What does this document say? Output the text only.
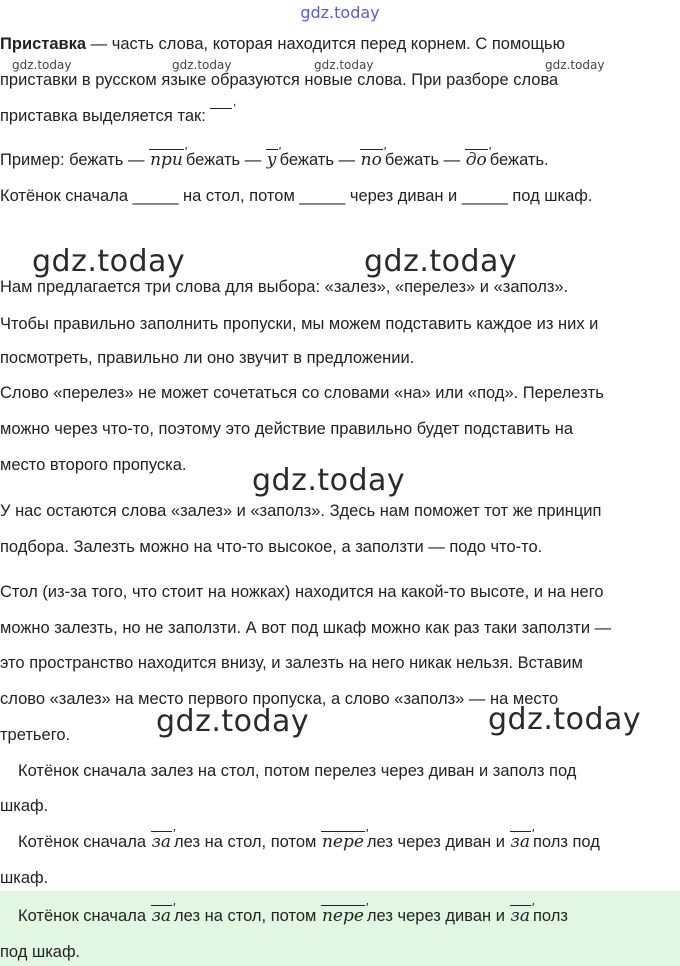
gdz.today
Приставка — часть слова, которая находится перед корнем. С помощью
gdz.today	gdz.today	gdz.today	gdz.today
приставки в русском языке образуются новые слова. При разборе слова
приставка выделяется так:ʹ
Пример: бежать — при ʹ бежать — у ʹ бежать — по ʹ бежать — до ʹ бежать.
Котёнок сначала _____ на стол, потом _____ через диван и _____ под шкаф.
gdz.today	gdz.today
Нам предлагается три слова для выбора: «залез», «перелез» и «заполз».
Чтобы правильно заполнить пропуски, мы можем подставить каждое из них и
посмотреть, правильно ли оно звучит в предложении.
Слово «перелез» не может сочетаться со словами «на» или «под». Перелезть
можно через что-то, поэтому это действие правильно будет подставить на
место второго пропуска. gdz.today
У нас остаются слова «залез» и «заполз». Здесь нам поможет тот же принцип
подбора. Залезть можно на что-то высокое, а заползти — подо что-то.
Стол (из-за того, что стоит на ножках) находится на какой-то высоте, и на него
можно залезть, но не заползти. А вот под шкаф можно как раз таки заползти —
это пространство находится внизу, и залезть на него никак нельзя. Вставим
слово «залез» на место первого пропуска, а слово «заполз» — на место
третьего.	gdz.today	gdz.today
Котёнок сначала залез на стол, потом перелез через диван и заполз под
шкаф.
Котёнок сначала за ʹ лез на стол, потом пере ʹ лез через диван и за ʹ полз под
шкаф.
Котёнок сначала за ʹ лез на стол, потом пере ʹ лез через диван и за ʹ полз
под шкаф.
